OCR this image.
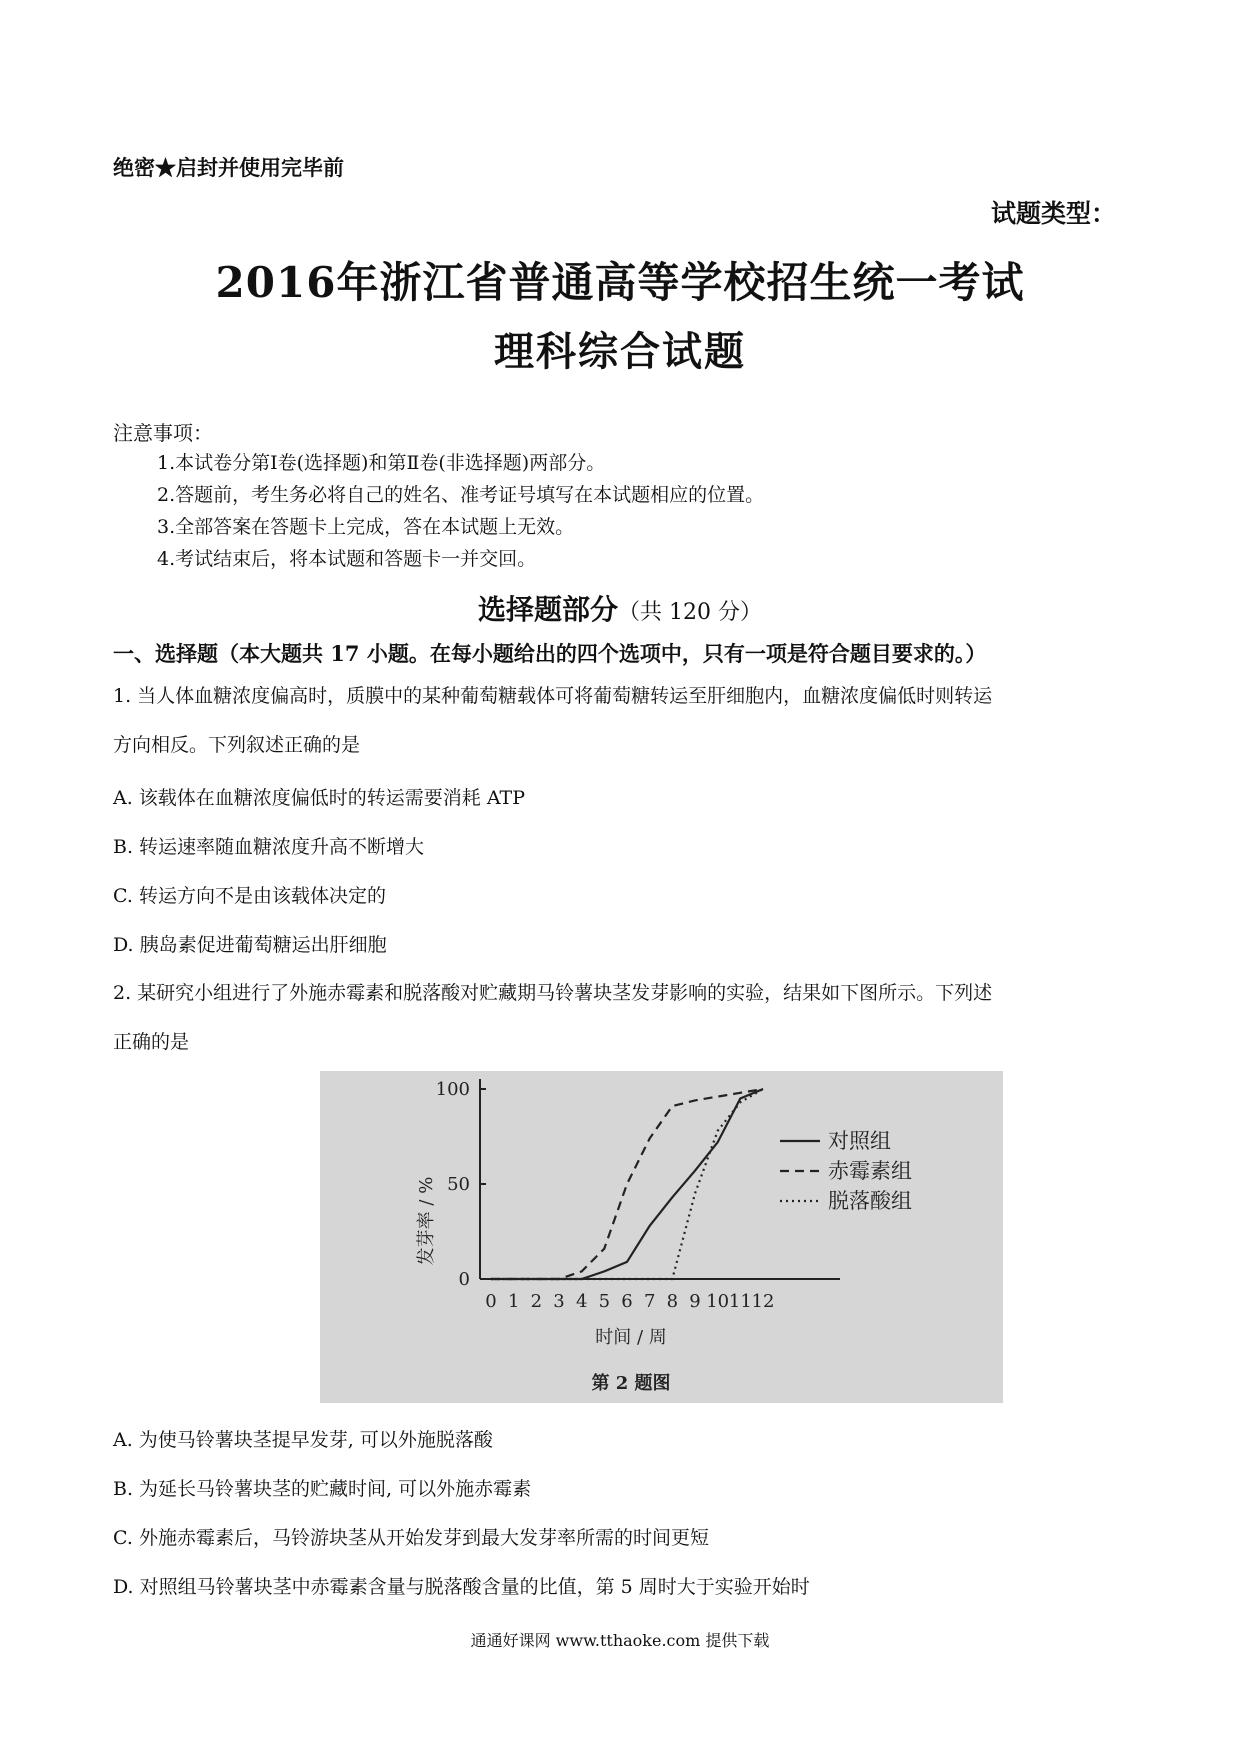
绝密★启封并使用完毕前
试题类型：
2016年浙江省普通高等学校招生统一考试
理科综合试题
注意事项：
1.本试卷分第Ⅰ卷(选择题)和第Ⅱ卷(非选择题)两部分。
2.答题前，考生务必将自己的姓名、准考证号填写在本试题相应的位置。
3.全部答案在答题卡上完成，答在本试题上无效。
4.考试结束后，将本试题和答题卡一并交回。
选择题部分（共 120 分）
一、选择题（本大题共 17 小题。在每小题给出的四个选项中，只有一项是符合题目要求的。）
1. 当人体血糖浓度偏高时，质膜中的某种葡萄糖载体可将葡萄糖转运至肝细胞内，血糖浓度偏低时则转运
方向相反。下列叙述正确的是
A. 该载体在血糖浓度偏低时的转运需要消耗 ATP
B. 转运速率随血糖浓度升高不断增大
C. 转运方向不是由该载体决定的
D. 胰岛素促进葡萄糖运出肝细胞
2. 某研究小组进行了外施赤霉素和脱落酸对贮藏期马铃薯块茎发芽影响的实验，结果如下图所示。下列述
正确的是
0 1 2 3 4 5 6 7 8 9 10 11 12
0
50
100
对照组
赤霉素组
脱落酸组
发芽率 / %
时间 / 周
第 2 题图
A. 为使马铃薯块茎提早发芽, 可以外施脱落酸
B. 为延长马铃薯块茎的贮藏时间, 可以外施赤霉素
C. 外施赤霉素后，马铃游块茎从开始发芽到最大发芽率所需的时间更短
D. 对照组马铃薯块茎中赤霉素含量与脱落酸含量的比值，第 5 周时大于实验开始时
通通好课网 www.tthaoke.com 提供下载
